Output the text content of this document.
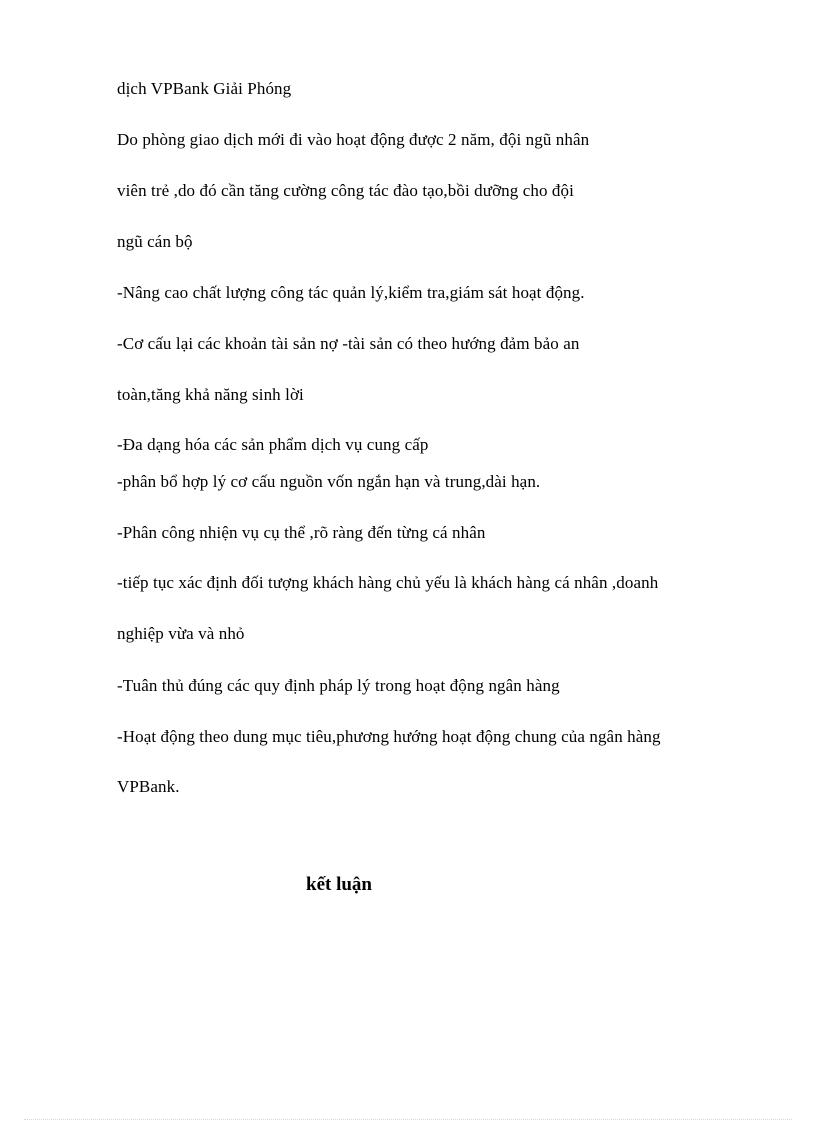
dịch VPBank Giải Phóng
Do phòng giao dịch mới đi vào hoạt động được 2 năm, đội ngũ nhân
viên trẻ ,do đó cần tăng cường công tác đào tạo,bồi dưỡng cho đội
ngũ cán bộ
-Nâng cao chất lượng công tác quản lý,kiểm tra,giám sát hoạt động.
-Cơ cấu lại các khoản tài sản nợ -tài sản có theo hướng đảm bảo an
toàn,tăng khả năng sinh lời
-Đa dạng hóa các sản phẩm dịch vụ cung cấp
-phân bổ hợp lý cơ cấu nguồn vốn ngắn hạn và trung,dài hạn.
-Phân công nhiện vụ cụ thể ,rõ ràng đến từng cá nhân
-tiếp tục xác định đối tượng khách hàng chủ yếu là khách hàng cá nhân ,doanh
nghiệp vừa và nhỏ
-Tuân thủ đúng các quy định pháp lý trong hoạt động ngân hàng
-Hoạt động theo dung mục tiêu,phương hướng hoạt động chung của ngân hàng
VPBank.
kết luận
